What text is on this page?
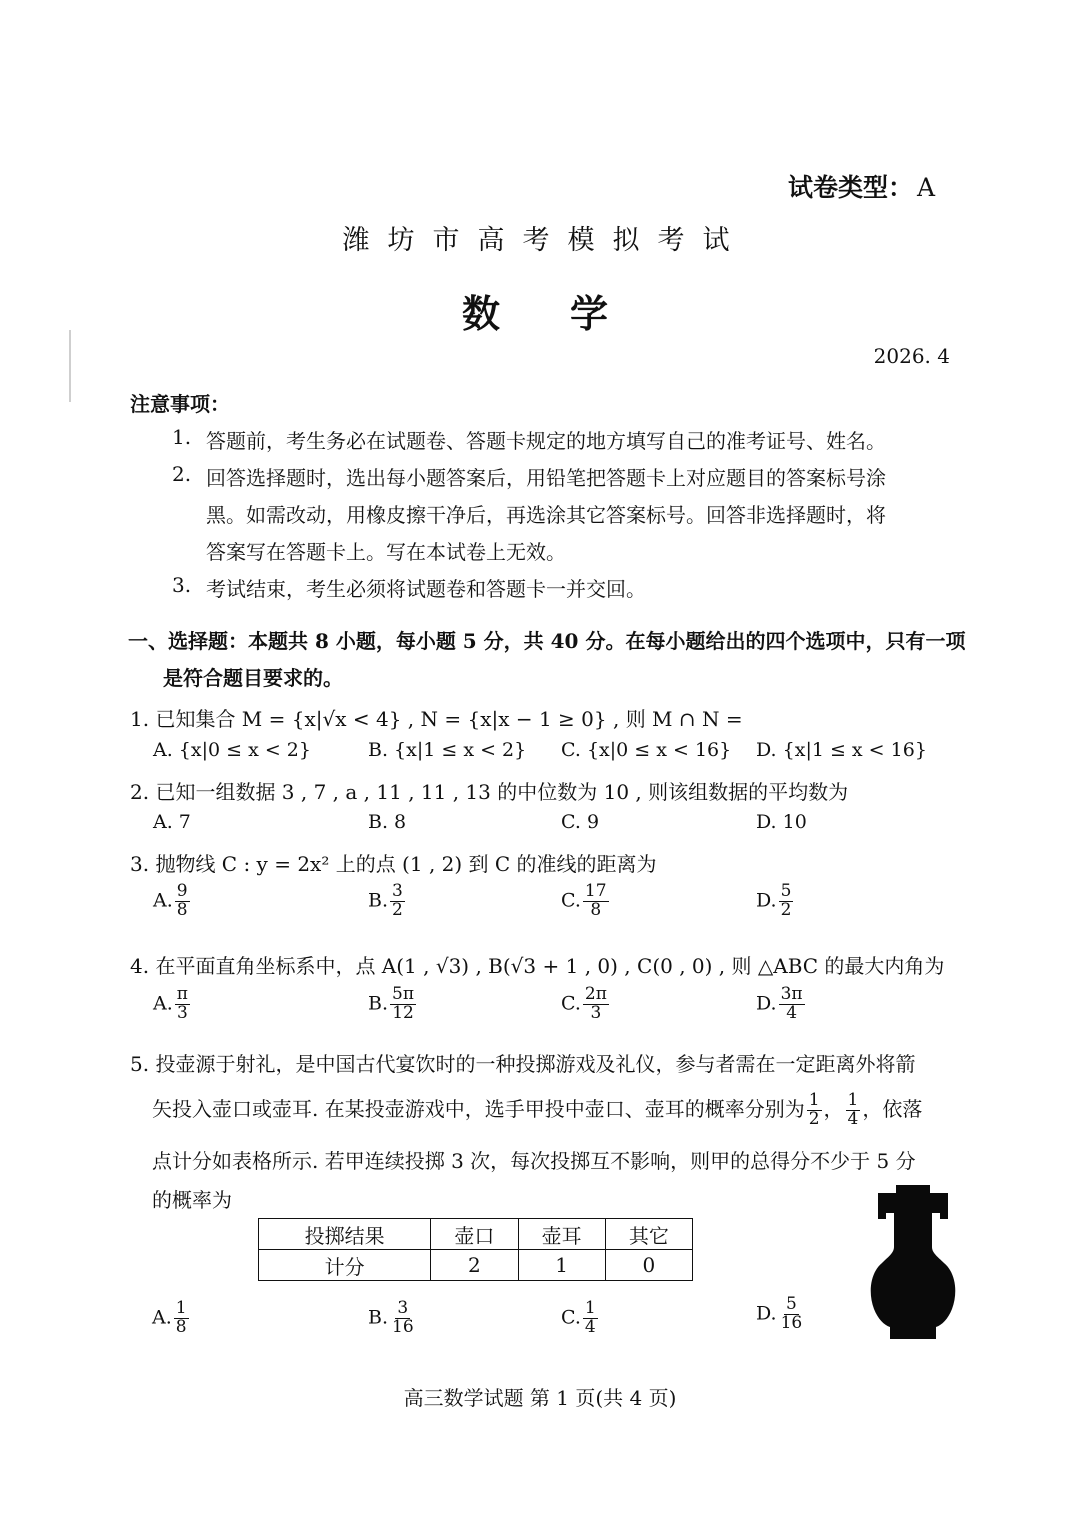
试卷类型： A
潍坊市高考模拟考试
数学
2026. 4
注意事项：
1. 答题前，考生务必在试题卷、答题卡规定的地方填写自己的准考证号、姓名。
2. 回答选择题时，选出每小题答案后，用铅笔把答题卡上对应题目的答案标号涂
黑。如需改动，用橡皮擦干净后，再选涂其它答案标号。回答非选择题时，将
答案写在答题卡上。写在本试卷上无效。
3. 考试结束，考生必须将试题卷和答题卡一并交回。
一、选择题：本题共 8 小题，每小题 5 分，共 40 分。在每小题给出的四个选项中，只有一项
是符合题目要求的。
1. 已知集合 M = {x|√x < 4} , N = {x|x − 1 ≥ 0} , 则 M ∩ N =
A. {x|0 ≤ x < 2}	B. {x|1 ≤ x < 2} C. {x|0 ≤ x < 16} D. {x|1 ≤ x < 16}
2. 已知一组数据 3 , 7 , a , 11 , 11 , 13 的中位数为 10 , 则该组数据的平均数为
A. 7	B. 8	C. 9	D. 10
3. 抛物线 C : y = 2x² 上的点 (1 , 2) 到 C 的准线的距离为
A. $\frac{9}{8}$	B. $\frac{3}{2}$	C. $\frac{17}{8}$	D. $\frac{5}{2}$
4. 在平面直角坐标系中，点 A(1 , √3) , B(√3 + 1 , 0) , C(0 , 0) , 则 △ABC 的最大内角为
A. $\frac{\pi}{3}$	B. $\frac{5\pi}{12}$	C. $\frac{2\pi}{3}$	D. $\frac{3\pi}{4}$
5. 投壶源于射礼，是中国古代宴饮时的一种投掷游戏及礼仪，参与者需在一定距离外将箭
矢投入壶口或壶耳. 在某投壶游戏中，选手甲投中壶口、壶耳的概率分别为 $\frac{1}{2}$ ， $\frac{1}{4}$ ，依落
点计分如表格所示. 若甲连续投掷 3 次，每次投掷互不影响，则甲的总得分不少于 5 分
的概率为
投掷结果	壶口	壶耳	其它
计分	2	1	0
A. $\frac{1}{8}$	B. $\frac{3}{16}$	C. $\frac{1}{4}$	D. $\frac{5}{16}$
高三数学试题 第 1 页(共 4 页)
